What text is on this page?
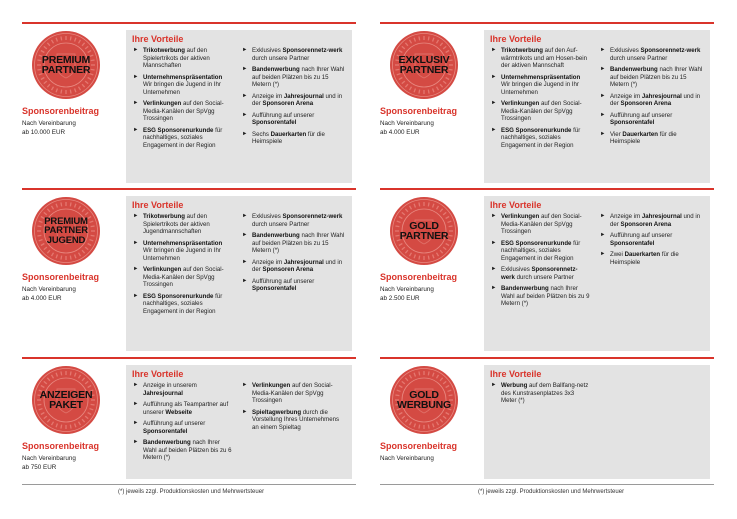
PREMIUM
PARTNER
Sponsorenbeitrag
Nach Vereinbarung
ab 10.000 EUR
Ihre Vorteile
► Trikotwerbung auf den Spielertrikots der aktiven Mannschaften
► Unternehmenspräsentation Wir bringen die Jugend in Ihr Unternehmen
► Verlinkungen auf den Social-Media-Kanälen der SpVgg Trossingen
► ESG Sponsorenurkunde für nachhaltiges, soziales Engagement in der Region
► Exklusives Sponsorennetz-werk durch unsere Partner
► Bandenwerbung nach Ihrer Wahl auf beiden Plätzen bis zu 15 Metern (*)
► Anzeige im Jahresjournal und in der Sponsoren Arena
► Aufführung auf unserer Sponsorentafel
► Sechs Dauerkarten für die Heimspiele
EXKLUSIV
PARTNER
Sponsorenbeitrag
Nach Vereinbarung
ab 4.000 EUR
Ihre Vorteile
► Trikotwerbung auf den Auf-wärmtrikots und am Hosen-bein der aktiven Mannschaft
► Unternehmenspräsentation Wir bringen die Jugend in Ihr Unternehmen
► Verlinkungen auf den Social-Media-Kanälen der SpVgg Trossingen
► ESG Sponsorenurkunde für nachhaltiges, soziales Engagement in der Region
► Exklusives Sponsorennetz-werk durch unsere Partner
► Bandenwerbung nach Ihrer Wahl auf beiden Plätzen bis zu 15 Metern (*)
► Anzeige im Jahresjournal und in der Sponsoren Arena
► Aufführung auf unserer Sponsorentafel
► Vier Dauerkarten für die Heimspiele
PREMIUM
PARTNER
JUGEND
Sponsorenbeitrag
Nach Vereinbarung
ab 4.000 EUR
Ihre Vorteile
► Trikotwerbung auf den Spielertrikots der aktiven Jugendmannschaften
► Unternehmenspräsentation Wir bringen die Jugend in Ihr Unternehmen
► Verlinkungen auf den Social-Media-Kanälen der SpVgg Trossingen
► ESG Sponsorenurkunde für nachhaltiges, soziales Engagement in der Region
► Exklusives Sponsorennetz-werk durch unsere Partner
► Bandenwerbung nach Ihrer Wahl auf beiden Plätzen bis zu 15 Metern (*)
► Anzeige im Jahresjournal und in der Sponsoren Arena
► Aufführung auf unserer Sponsorentafel
GOLD
PARTNER
Sponsorenbeitrag
Nach Vereinbarung
ab 2.500 EUR
Ihre Vorteile
► Verlinkungen auf den Social-Media-Kanälen der SpVgg Trossingen
► ESG Sponsorenurkunde für nachhaltiges, soziales Engagement in der Region
► Exklusives Sponsorennetz-werk durch unsere Partner
► Bandenwerbung nach Ihrer Wahl auf beiden Plätzen bis zu 9 Metern (*)
► Anzeige im Jahresjournal und in der Sponsoren Arena
► Aufführung auf unserer Sponsorentafel
► Zwei Dauerkarten für die Heimspiele
ANZEIGEN
PAKET
Sponsorenbeitrag
Nach Vereinbarung
ab 750 EUR
Ihre Vorteile
► Anzeige in unserem Jahresjournal
► Aufführung als Teampartner auf unserer Webseite
► Aufführung auf unserer Sponsorentafel
► Bandenwerbung nach Ihrer Wahl auf beiden Plätzen bis zu 6 Metern (*)
► Verlinkungen auf den Social-Media-Kanälen der SpVgg Trossingen
► Spieltagwerbung durch die Vorstellung Ihres Unternehmens an einem Spieltag
GOLD
WERBUNG
Sponsorenbeitrag
Nach Vereinbarung
Ihre Vorteile
► Werbung auf dem Ballfang-netz des Kunstrasenplatzes 3x3 Meter (*)
(*) jeweils zzgl. Produktionskosten und Mehrwertsteuer	(*) jeweils zzgl. Produktionskosten und Mehrwertsteuer
